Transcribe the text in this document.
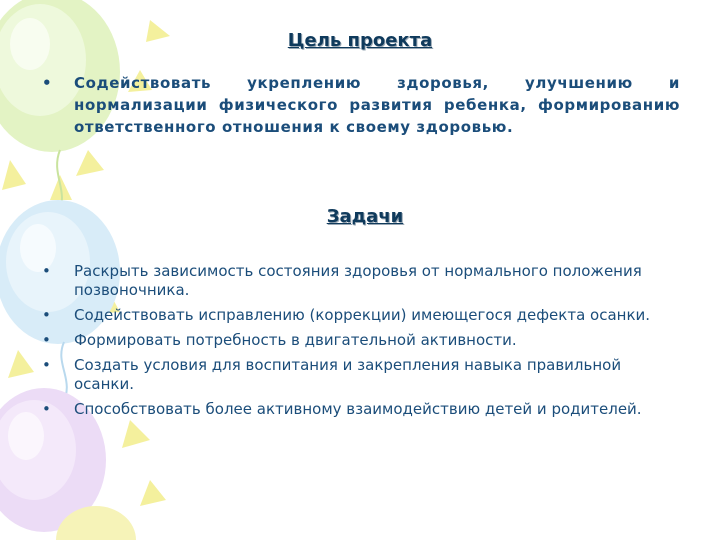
Цель проекта
• Содействовать укреплению здоровья, улучшению и нормализации физического развития ребенка, формированию ответственного отношения к своему здоровью.
Задачи
• Раскрыть зависимость состояния здоровья от нормального положения позвоночника.
• Содействовать исправлению (коррекции) имеющегося дефекта осанки.
• Формировать потребность в двигательной активности.
• Создать условия для воспитания и закрепления навыка правильной осанки.
• Способствовать более активному взаимодействию детей и родителей.
